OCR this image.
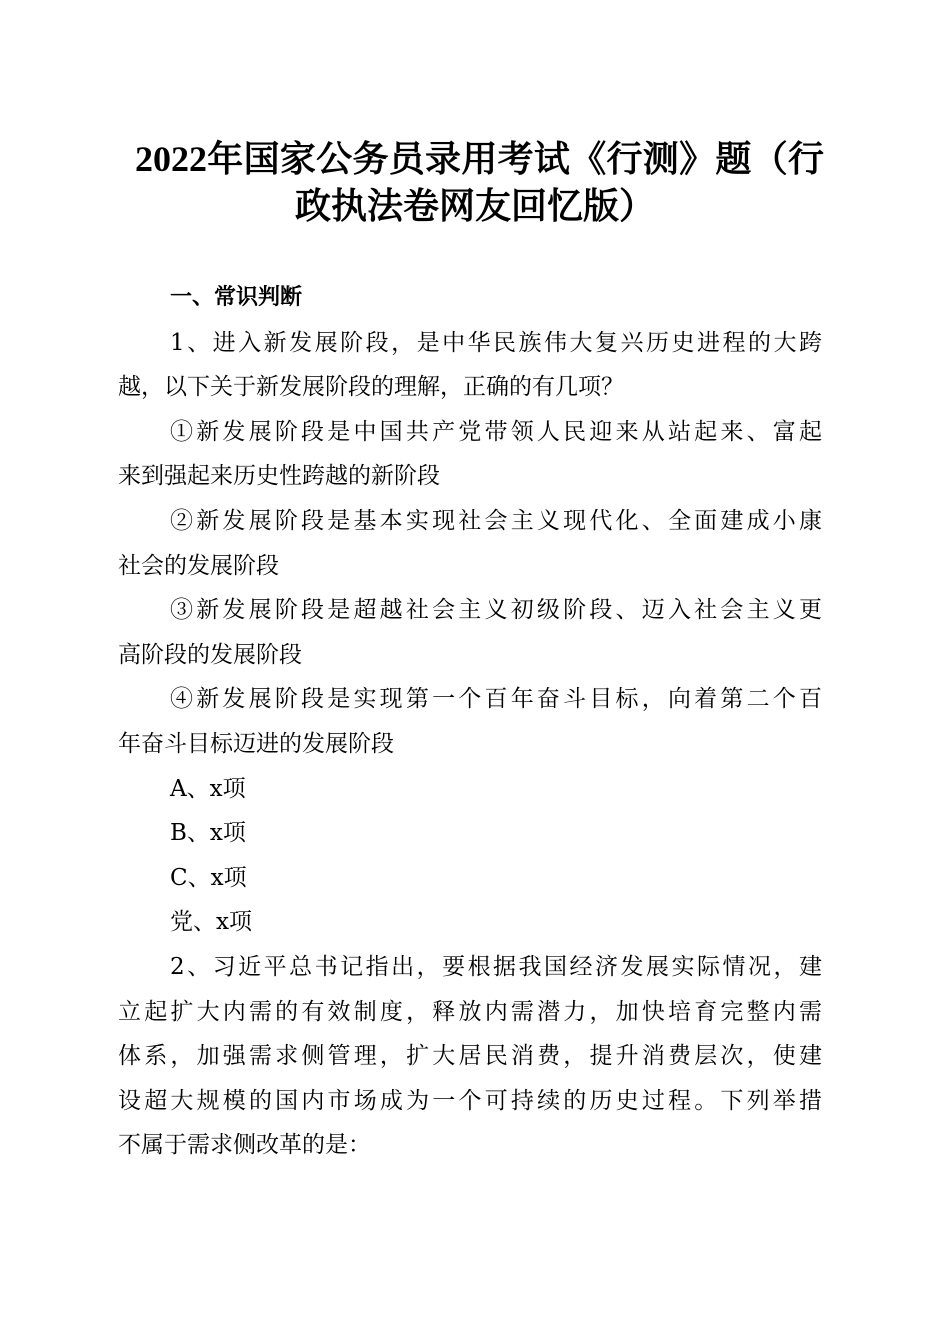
2022年国家公务员录用考试《行测》题（行
政执法卷网友回忆版）
一、常识判断
1、进入新发展阶段，是中华民族伟大复兴历史进程的大跨
越，以下关于新发展阶段的理解，正确的有几项？
①新发展阶段是中国共产党带领人民迎来从站起来、富起
来到强起来历史性跨越的新阶段
②新发展阶段是基本实现社会主义现代化、全面建成小康
社会的发展阶段
③新发展阶段是超越社会主义初级阶段、迈入社会主义更
高阶段的发展阶段
④新发展阶段是实现第一个百年奋斗目标，向着第二个百
年奋斗目标迈进的发展阶段
A、x项
B、x项
C、x项
党、x项
2、习近平总书记指出，要根据我国经济发展实际情况，建
立起扩大内需的有效制度，释放内需潜力，加快培育完整内需
体系，加强需求侧管理，扩大居民消费，提升消费层次，使建
设超大规模的国内市场成为一个可持续的历史过程。下列举措
不属于需求侧改革的是：
